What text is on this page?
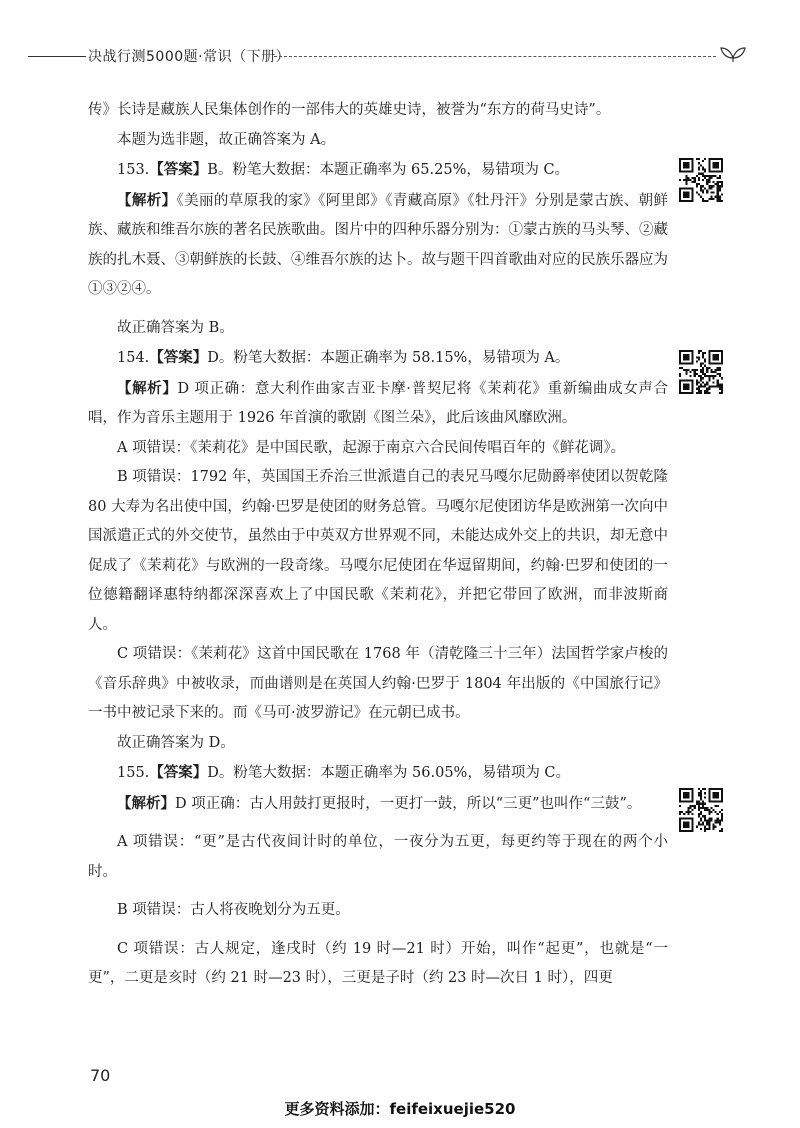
决战行测5000题·常识（下册）

传》长诗是藏族人民集体创作的一部伟大的英雄史诗，被誉为“东方的荷马史诗”。

本题为选非题，故正确答案为 A。

153.【答案】B。粉笔大数据：本题正确率为 65.25%，易错项为 C。

【解析】《美丽的草原我的家》《阿里郎》《青藏高原》《牡丹汗》分别是蒙古族、朝鲜族、藏族和维吾尔族的著名民族歌曲。图片中的四种乐器分别为：①蒙古族的马头琴、②藏族的扎木聂、③朝鲜族的长鼓、④维吾尔族的达卜。故与题干四首歌曲对应的民族乐器应为①③②④。

故正确答案为 B。

154.【答案】D。粉笔大数据：本题正确率为 58.15%，易错项为 A。

【解析】D 项正确：意大利作曲家吉亚卡摩·普契尼将《茉莉花》重新编曲成女声合唱，作为音乐主题用于 1926 年首演的歌剧《图兰朵》，此后该曲风靡欧洲。

A 项错误：《茉莉花》是中国民歌，起源于南京六合民间传唱百年的《鲜花调》。

B 项错误：1792 年，英国国王乔治三世派遣自己的表兄马嘎尔尼勋爵率使团以贺乾隆 80 大寿为名出使中国，约翰·巴罗是使团的财务总管。马嘎尔尼使团访华是欧洲第一次向中国派遣正式的外交使节，虽然由于中英双方世界观不同，未能达成外交上的共识，却无意中促成了《茉莉花》与欧洲的一段奇缘。马嘎尔尼使团在华逗留期间，约翰·巴罗和使团的一位德籍翻译惠特纳都深深喜欢上了中国民歌《茉莉花》，并把它带回了欧洲，而非波斯商人。

C 项错误：《茉莉花》这首中国民歌在 1768 年（清乾隆三十三年）法国哲学家卢梭的《音乐辞典》中被收录，而曲谱则是在英国人约翰·巴罗于 1804 年出版的《中国旅行记》一书中被记录下来的。而《马可·波罗游记》在元朝已成书。

故正确答案为 D。

155.【答案】D。粉笔大数据：本题正确率为 56.05%，易错项为 C。

【解析】D 项正确：古人用鼓打更报时，一更打一鼓，所以“三更”也叫作“三鼓”。

A 项错误：“更”是古代夜间计时的单位，一夜分为五更，每更约等于现在的两个小时。

B 项错误：古人将夜晚划分为五更。

C 项错误：古人规定，逢戌时（约 19 时—21 时）开始，叫作“起更”，也就是“一更”，二更是亥时（约 21 时—23 时），三更是子时（约 23 时—次日 1 时），四更

70
更多资料添加：feifeixuejie520
